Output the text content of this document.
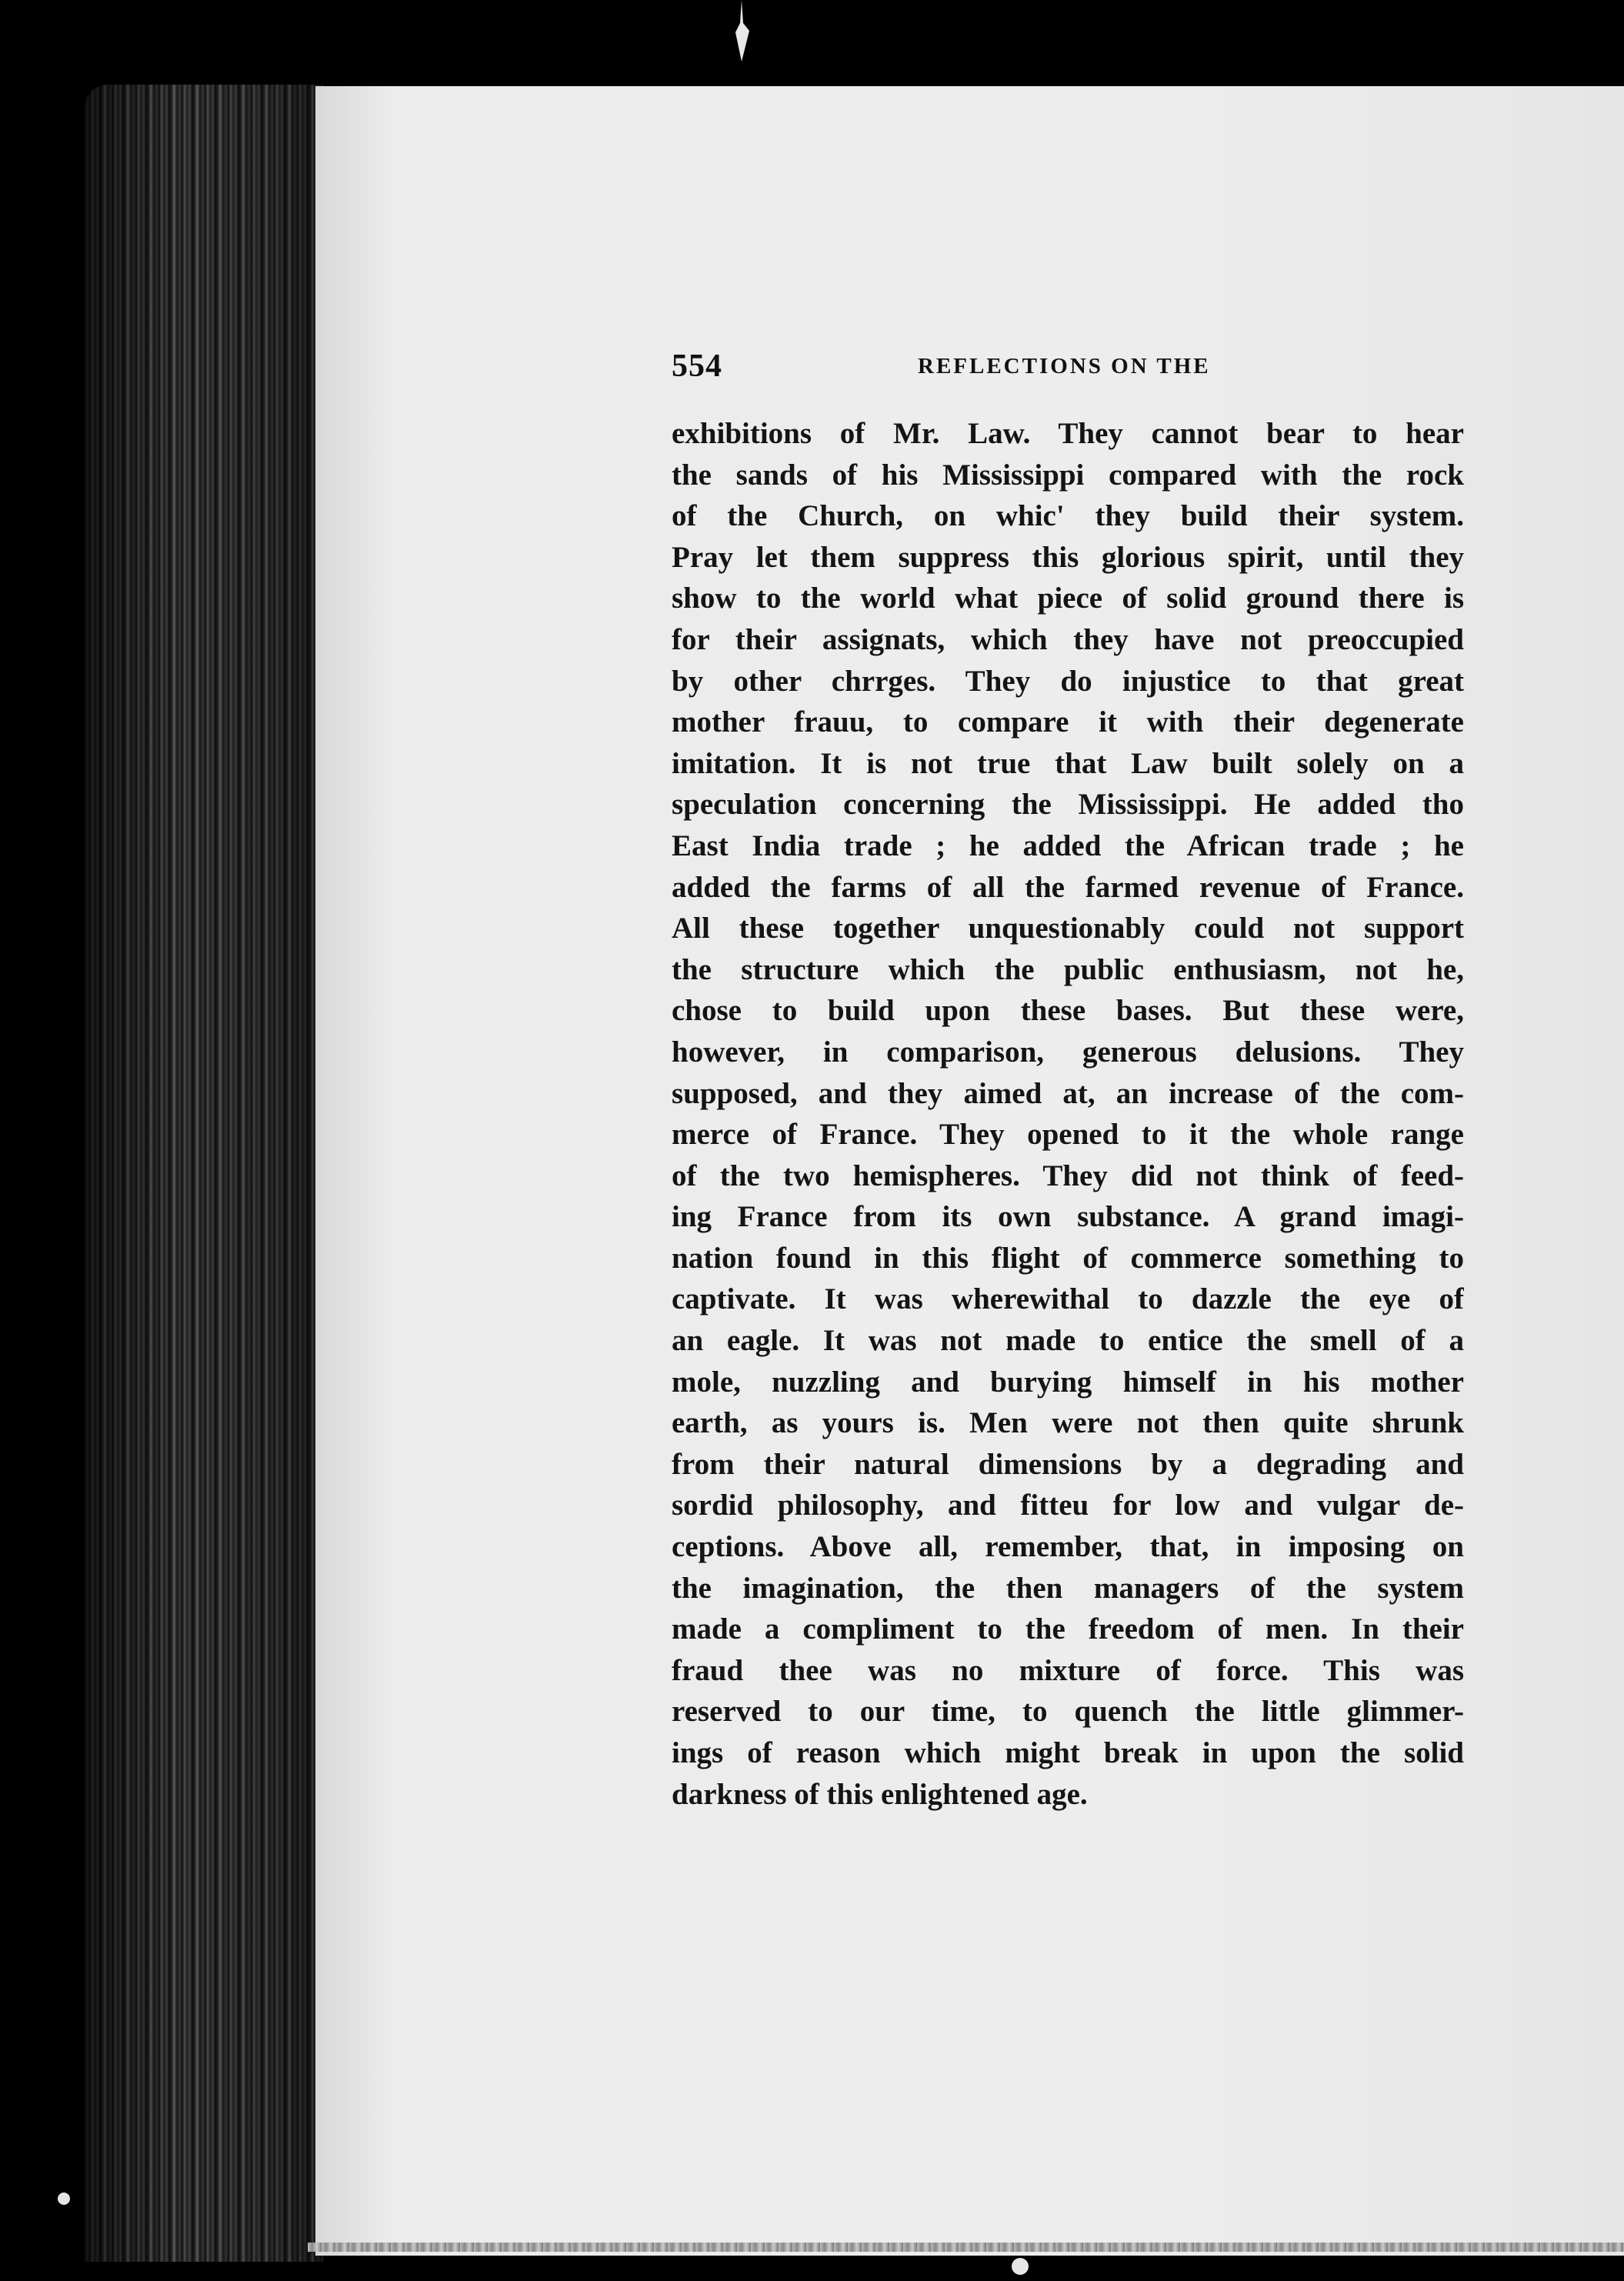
554	REFLECTIONS ON THE
exhibitions of Mr. Law. They cannot bear to hear
the sands of his Mississippi compared with the rock
of the Church, on whic' they build their system.
Pray let them suppress this glorious spirit, until they
show to the world what piece of solid ground there is
for their assignats, which they have not preoccupied
by other chrrges. They do injustice to that great
mother frauu, to compare it with their degenerate
imitation. It is not true that Law built solely on a
speculation concerning the Mississippi. He added tho
East India trade ; he added the African trade ; he
added the farms of all the farmed revenue of France.
All these together unquestionably could not support
the structure which the public enthusiasm, not he,
chose to build upon these bases. But these were,
however, in comparison, generous delusions. They
supposed, and they aimed at, an increase of the com-
merce of France. They opened to it the whole range
of the two hemispheres. They did not think of feed-
ing France from its own substance. A grand imagi-
nation found in this flight of commerce something to
captivate. It was wherewithal to dazzle the eye of
an eagle. It was not made to entice the smell of a
mole, nuzzling and burying himself in his mother
earth, as yours is. Men were not then quite shrunk
from their natural dimensions by a degrading and
sordid philosophy, and fitteu for low and vulgar de-
ceptions. Above all, remember, that, in imposing on
the imagination, the then managers of the system
made a compliment to the freedom of men. In their
fraud thee was no mixture of force. This was
reserved to our time, to quench the little glimmer-
ings of reason which might break in upon the solid
darkness of this enlightened age.
